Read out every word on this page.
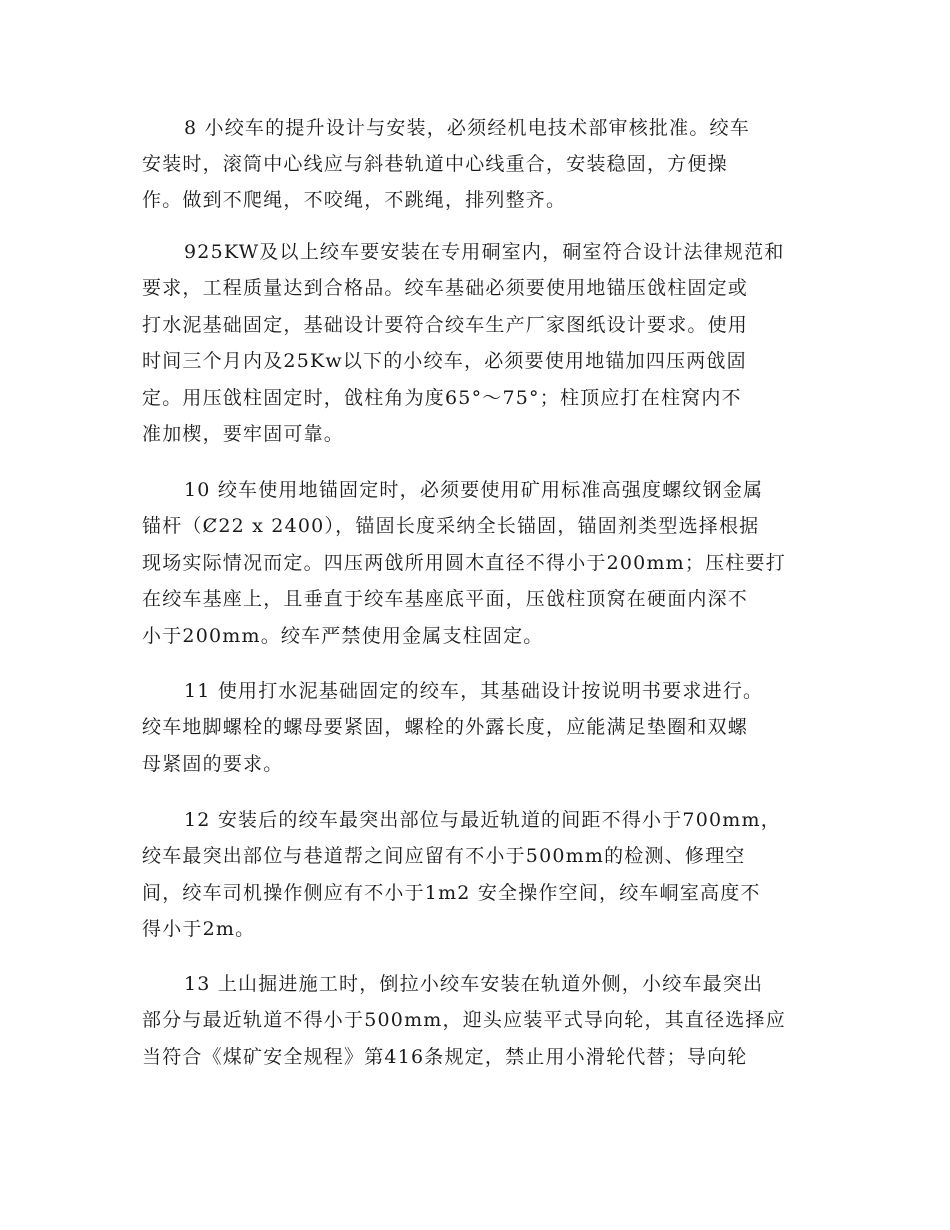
8 小绞车的提升设计与安装，必须经机电技术部审核批准。绞车
安装时，滚筒中心线应与斜巷轨道中心线重合，安装稳固，方便操
作。做到不爬绳，不咬绳，不跳绳，排列整齐。
925KW及以上绞车要安装在专用硐室内，硐室符合设计法律规范和
要求，工程质量达到合格品。绞车基础必须要使用地锚压戗柱固定或
打水泥基础固定，基础设计要符合绞车生产厂家图纸设计要求。使用
时间三个月内及25Kw以下的小绞车，必须要使用地锚加四压两戗固
定。用压戗柱固定时，戗柱角为度65°～75°；柱顶应打在柱窝内不
准加楔，要牢固可靠。
10 绞车使用地锚固定时，必须要使用矿用标准高强度螺纹钢金属
锚杆（Ȼ22 x 2400），锚固长度采纳全长锚固，锚固剂类型选择根据
现场实际情况而定。四压两戗所用圆木直径不得小于200mm；压柱要打
在绞车基座上，且垂直于绞车基座底平面，压戗柱顶窝在硬面内深不
小于200mm。绞车严禁使用金属支柱固定。
11 使用打水泥基础固定的绞车，其基础设计按说明书要求进行。
绞车地脚螺栓的螺母要紧固，螺栓的外露长度，应能满足垫圈和双螺
母紧固的要求。
12 安装后的绞车最突出部位与最近轨道的间距不得小于700mm，
绞车最突出部位与巷道帮之间应留有不小于500mm的检测、修理空
间，绞车司机操作侧应有不小于1m2 安全操作空间，绞车峒室高度不
得小于2m。
13 上山掘进施工时，倒拉小绞车安装在轨道外侧，小绞车最突出
部分与最近轨道不得小于500mm，迎头应装平式导向轮，其直径选择应
当符合《煤矿安全规程》第416条规定，禁止用小滑轮代替；导向轮
